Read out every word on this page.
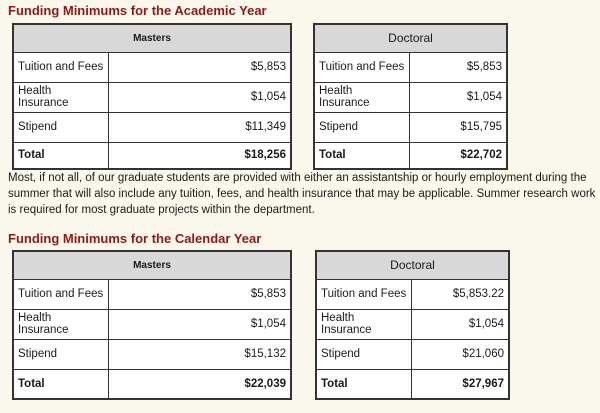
Funding Minimums for the Academic Year
Masters	
Tuition and Fees	$5,853
Health Insurance	$1,054
Stipend	$11,349
Total	$18,256
Doctoral	
Tuition and Fees	$5,853
Health Insurance	$1,054
Stipend	$15,795
Total	$22,702

Most, if not all, of our graduate students are provided with either an assistantship or hourly employment during the summer that will also include any tuition, fees, and health insurance that may be applicable. Summer research work is required for most graduate projects within the department.

Funding Minimums for the Calendar Year
Masters	
Tuition and Fees	$5,853
Health Insurance	$1,054
Stipend	$15,132
Total	$22,039
Doctoral	
Tuition and Fees	$5,853.22
Health Insurance	$1,054
Stipend	$21,060
Total	$27,967
